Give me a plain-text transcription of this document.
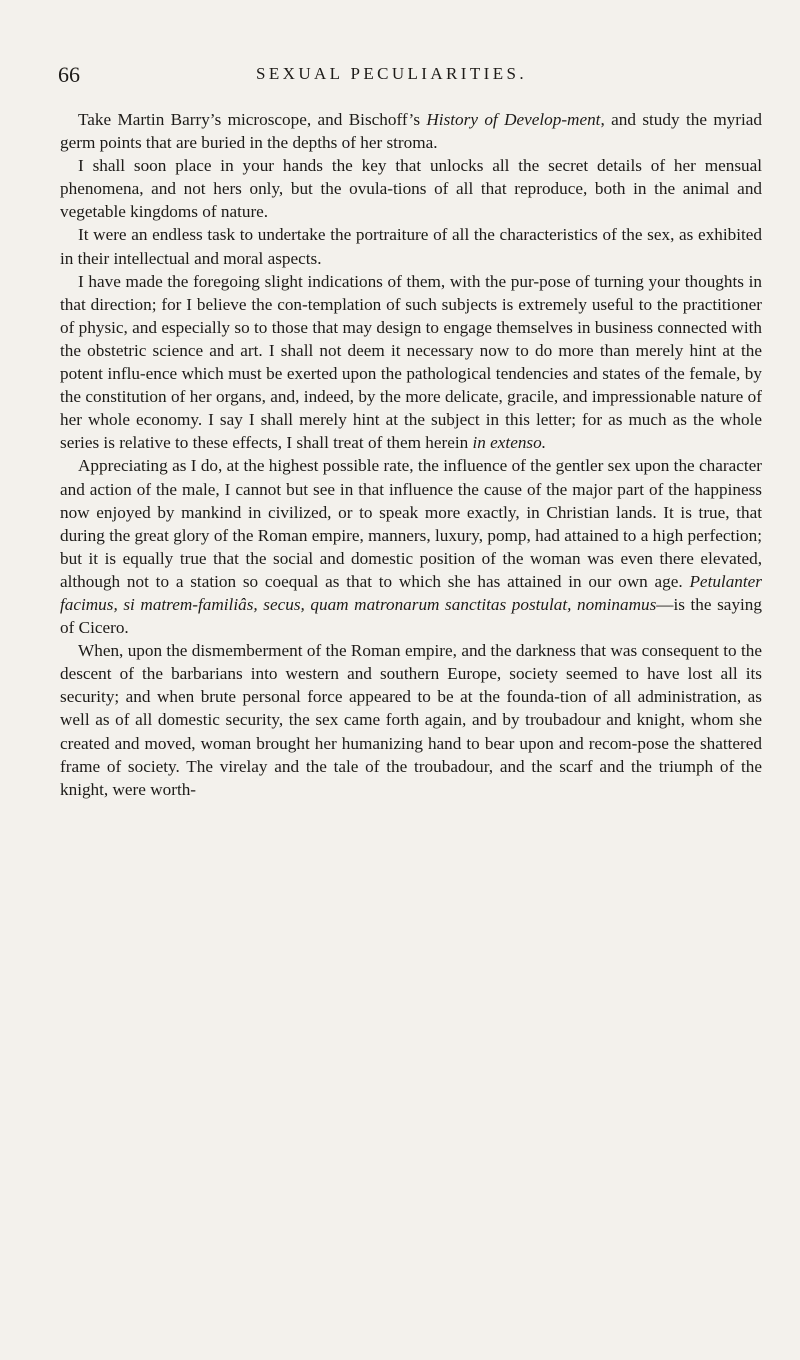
66	SEXUAL PECULIARITIES.

Take Martin Barry’s microscope, and Bischoff’s History of Develop-ment, and study the myriad germ points that are buried in the depths of her stroma.

I shall soon place in your hands the key that unlocks all the secret details of her mensual phenomena, and not hers only, but the ovula-tions of all that reproduce, both in the animal and vegetable kingdoms of nature.

It were an endless task to undertake the portraiture of all the characteristics of the sex, as exhibited in their intellectual and moral aspects.

I have made the foregoing slight indications of them, with the pur-pose of turning your thoughts in that direction; for I believe the con-templation of such subjects is extremely useful to the practitioner of physic, and especially so to those that may design to engage themselves in business connected with the obstetric science and art. I shall not deem it necessary now to do more than merely hint at the potent influ-ence which must be exerted upon the pathological tendencies and states of the female, by the constitution of her organs, and, indeed, by the more delicate, gracile, and impressionable nature of her whole economy. I say I shall merely hint at the subject in this letter; for as much as the whole series is relative to these effects, I shall treat of them herein in extenso.

Appreciating as I do, at the highest possible rate, the influence of the gentler sex upon the character and action of the male, I cannot but see in that influence the cause of the major part of the happiness now enjoyed by mankind in civilized, or to speak more exactly, in Christian lands. It is true, that during the great glory of the Roman empire, manners, luxury, pomp, had attained to a high perfection; but it is equally true that the social and domestic position of the woman was even there elevated, although not to a station so coequal as that to which she has attained in our own age. Petulanter facimus, si matrem-familiâs, secus, quam matronarum sanctitas postulat, nominamus—is the saying of Cicero.

When, upon the dismemberment of the Roman empire, and the darkness that was consequent to the descent of the barbarians into western and southern Europe, society seemed to have lost all its security; and when brute personal force appeared to be at the founda-tion of all administration, as well as of all domestic security, the sex came forth again, and by troubadour and knight, whom she created and moved, woman brought her humanizing hand to bear upon and recom-pose the shattered frame of society. The virelay and the tale of the troubadour, and the scarf and the triumph of the knight, were worth-
